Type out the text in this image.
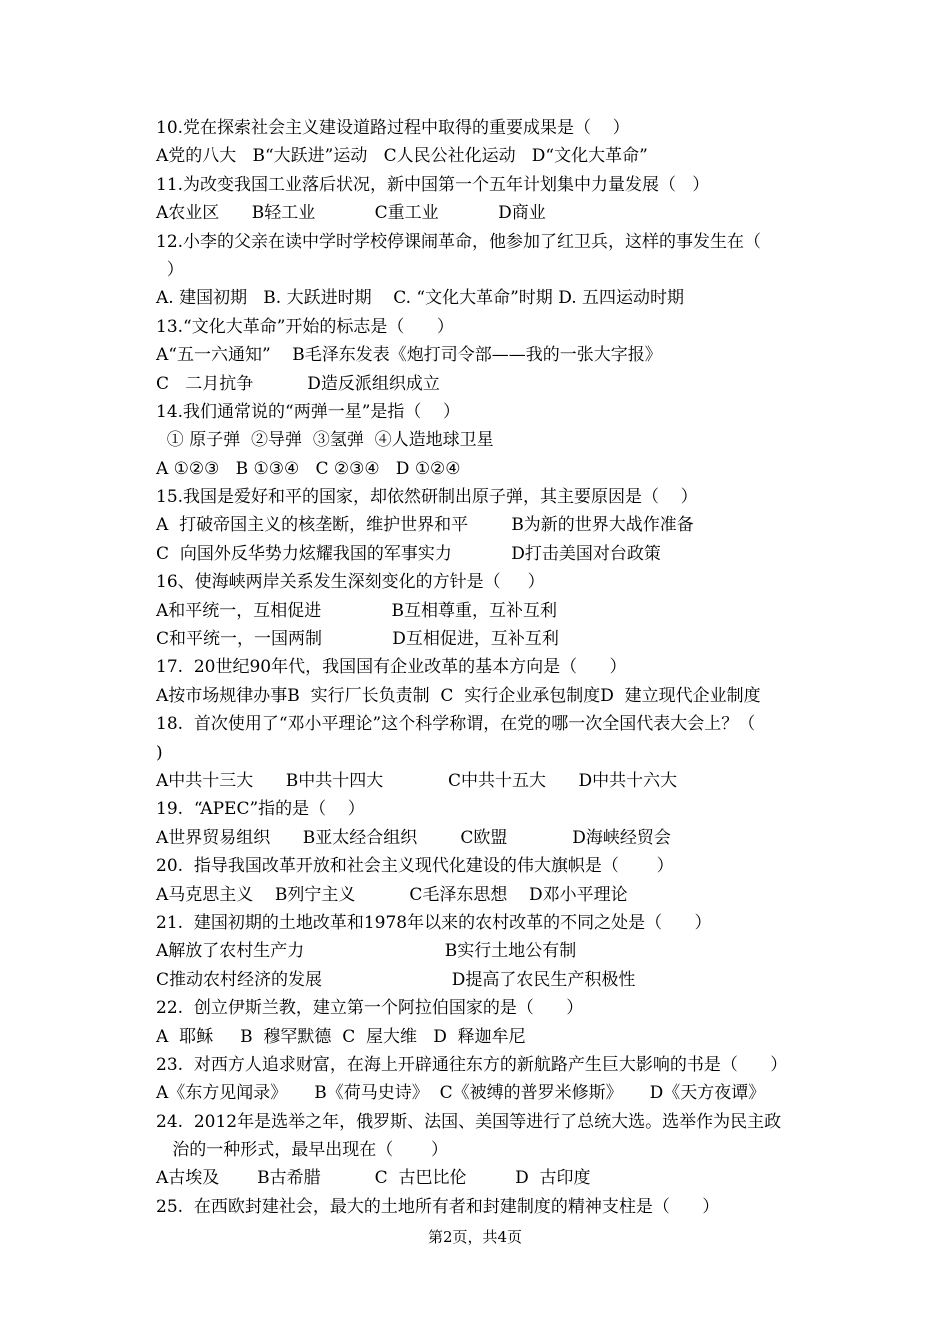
10.党在探索社会主义建设道路过程中取得的重要成果是（    ）
A党的八大   B“大跃进”运动   C人民公社化运动   D“文化大革命”
11.为改变我国工业落后状况，新中国第一个五年计划集中力量发展（   ）
A农业区      B轻工业           C重工业           D商业
12.小李的父亲在读中学时学校停课闹革命，他参加了红卫兵，这样的事发生在（
）
A. 建国初期   B. 大跃进时期    C. “文化大革命”时期 D. 五四运动时期
13.“文化大革命”开始的标志是（      ）
A“五一六通知”    B毛泽东发表《炮打司令部——我的一张大字报》
C   二月抗争          D造反派组织成立
14.我们通常说的“两弹一星”是指（    ）
① 原子弹  ②导弹  ③氢弹  ④人造地球卫星
A ①②③   B ①③④   C ②③④   D ①②④
15.我国是爱好和平的国家，却依然研制出原子弹，其主要原因是（    ）
A  打破帝国主义的核垄断，维护世界和平        B为新的世界大战作准备
C  向国外反华势力炫耀我国的军事实力           D打击美国对台政策
16、使海峡两岸关系发生深刻变化的方针是（     ）
A和平统一，互相促进             B互相尊重，互补互利
C和平统一，一国两制             D互相促进，互补互利
17.  20世纪90年代，我国国有企业改革的基本方向是（      ）
A按市场规律办事B  实行厂长负责制  C  实行企业承包制度D  建立现代企业制度
18.  首次使用了“邓小平理论”这个科学称谓，在党的哪一次全国代表大会上？（
)
A中共十三大      B中共十四大            C中共十五大      D中共十六大
19.  “APEC”指的是（    ）
A世界贸易组织      B亚太经合组织        C欧盟            D海峡经贸会
20.  指导我国改革开放和社会主义现代化建设的伟大旗帜是（       ）
A马克思主义    B列宁主义          C毛泽东思想    D邓小平理论
21.  建国初期的土地改革和1978年以来的农村改革的不同之处是（      ）
A解放了农村生产力                          B实行土地公有制
C推动农村经济的发展                        D提高了农民生产积极性
22.  创立伊斯兰教，建立第一个阿拉伯国家的是（      ）
A  耶稣     B  穆罕默德  C  屋大维   D  释迦牟尼
23.  对西方人追求财富，在海上开辟通往东方的新航路产生巨大影响的书是（      ）
A《东方见闻录》     B《荷马史诗》  C《被缚的普罗米修斯》     D《天方夜谭》
24.  2012年是选举之年，俄罗斯、法国、美国等进行了总统大选。选举作为民主政
治的一种形式，最早出现在（       ）
A古埃及       B古希腊          C  古巴比伦         D  古印度
25.  在西欧封建社会，最大的土地所有者和封建制度的精神支柱是（      ）
第2页，共4页
